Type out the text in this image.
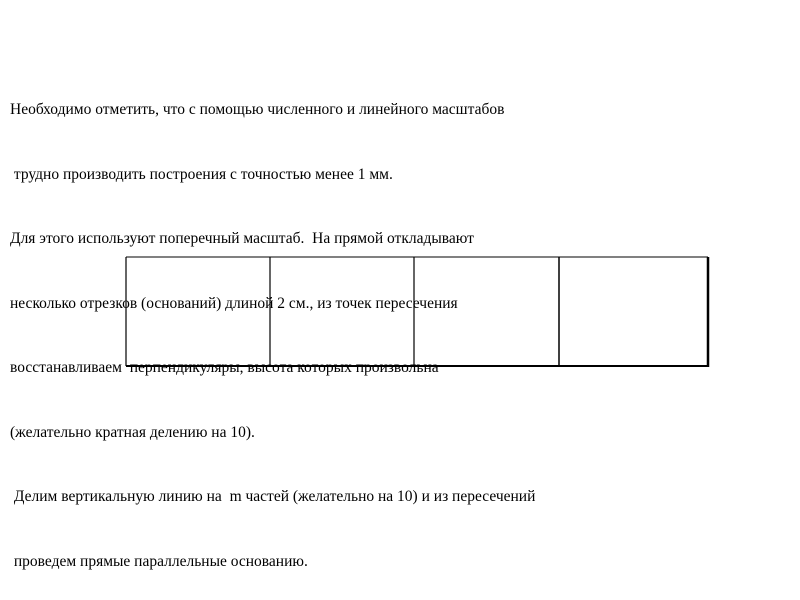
Необходимо отметить, что с помощью численного и линейного масштабов

трудно производить построения с точностью менее 1 мм.

Для этого используют поперечный масштаб.  На прямой откладывают

несколько отрезков (оснований) длиной 2 см., из точек пересечения

восстанавливаем  перпендикуляры, высота которых произвольна

(желательно кратная делению на 10).

Делим вертикальную линию на  m частей (желательно на 10) и из пересечений

проведем прямые параллельные основанию.
